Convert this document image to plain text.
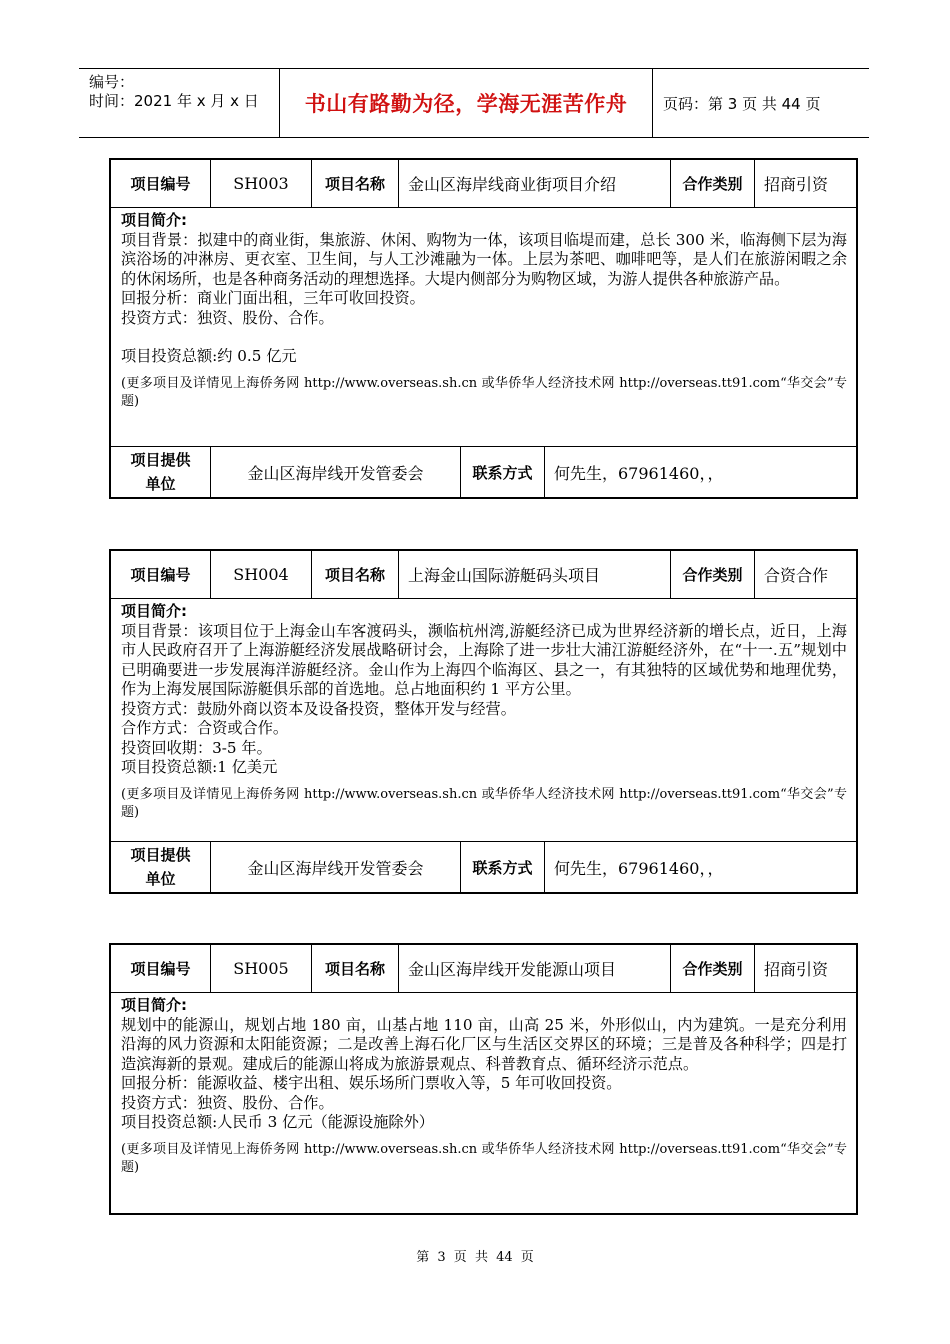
编号：
时间：2021 年 x 月 x 日 书山有路勤为径，学海无涯苦作舟	页码：第 3 页 共 44 页
项目编号	SH003	项目名称	金山区海岸线商业街项目介绍	合作类别	招商引资
项目简介:

项目背景：拟建中的商业街，集旅游、休闲、购物为一体，该项目临堤而建，总长 300 米，临海侧下层为海滨浴场的冲淋房、更衣室、卫生间，与人工沙滩融为一体。上层为茶吧、咖啡吧等，是人们在旅游闲暇之余的休闲场所，也是各种商务活动的理想选择。大堤内侧部分为购物区域，为游人提供各种旅游产品。

回报分析：商业门面出租，三年可收回投资。

投资方式：独资、股份、合作。

项目投资总额:约 0.5 亿元

(更多项目及详情见上海侨务网 http://www.overseas.sh.cn 或华侨华人经济技术网 http://overseas.tt91.com“华交会”专题)

项目提供
单位
金山区海岸线开发管委会	联系方式	何先生，67961460，，
项目编号	SH004	项目名称	上海金山国际游艇码头项目	合作类别	合资合作
项目简介:

项目背景：该项目位于上海金山车客渡码头，濒临杭州湾,游艇经济已成为世界经济新的增长点，近日，上海市人民政府召开了上海游艇经济发展战略研讨会，上海除了进一步壮大浦江游艇经济外，在“十一.五”规划中已明确要进一步发展海洋游艇经济。金山作为上海四个临海区、县之一，有其独特的区域优势和地理优势，作为上海发展国际游艇俱乐部的首选地。总占地面积约 1 平方公里。

投资方式：鼓励外商以资本及设备投资，整体开发与经营。

合作方式：合资或合作。

投资回收期：3-5 年。

项目投资总额:1 亿美元

(更多项目及详情见上海侨务网 http://www.overseas.sh.cn 或华侨华人经济技术网 http://overseas.tt91.com“华交会”专题)

项目提供
单位
金山区海岸线开发管委会	联系方式	何先生，67961460，，
项目编号	SH005	项目名称	金山区海岸线开发能源山项目	合作类别	招商引资
项目简介:

规划中的能源山，规划占地 180 亩，山基占地 110 亩，山高 25 米，外形似山，内为建筑。一是充分利用沿海的风力资源和太阳能资源；二是改善上海石化厂区与生活区交界区的环境；三是普及各种科学；四是打造滨海新的景观。建成后的能源山将成为旅游景观点、科普教育点、循环经济示范点。

回报分析：能源收益、楼宇出租、娱乐场所门票收入等，5 年可收回投资。

投资方式：独资、股份、合作。

项目投资总额:人民币 3 亿元（能源设施除外）

(更多项目及详情见上海侨务网 http://www.overseas.sh.cn 或华侨华人经济技术网 http://overseas.tt91.com“华交会”专题)

第 3 页 共 44 页
